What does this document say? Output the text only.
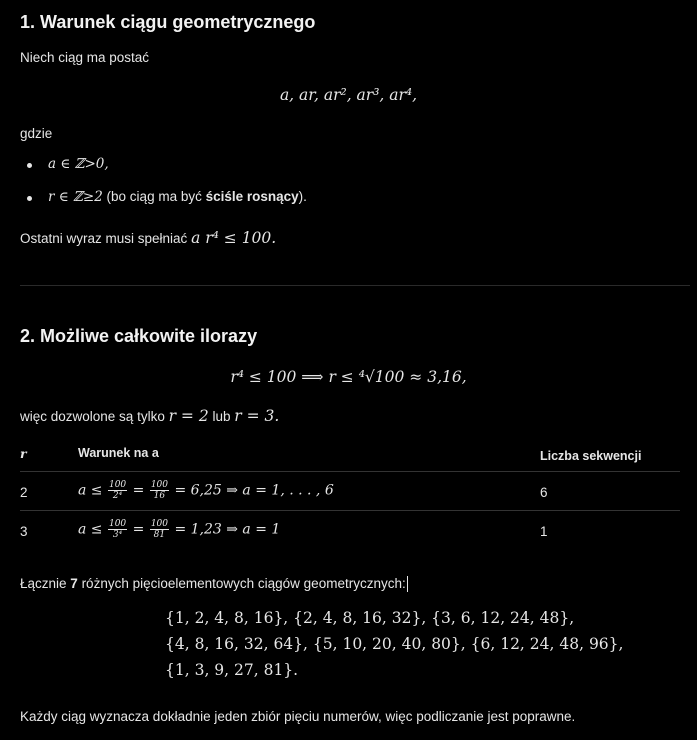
1. Warunek ciągu geometrycznego

Niech ciąg ma postać

a, ar, ar², ar³, ar⁴,

gdzie

a ∈ ℤ>0,

r ∈ ℤ≥2 (bo ciąg ma być ściśle rosnący).

Ostatni wyraz musi spełniać a r⁴ ≤ 100.

2. Możliwe całkowite ilorazy
r⁴ ≤ 100 ⟹ r ≤ ⁴√100 ≈ 3,16,

więc dozwolone są tylko r = 2 lub r = 3.

r	Warunek na a	Liczba sekwencji
2	$a \le \frac{100}{\text{2⁴}} = \frac{100}{16} = 6,25$ ⇒ a = 1, . . . , 6	6
3	$a \le \frac{100}{\text{3⁴}} = \frac{100}{81} = 1,23$ ⇒ a = 1	1

Łącznie 7 różnych pięcioelementowych ciągów geometrycznych:

{1, 2, 4, 8, 16}, {2, 4, 8, 16, 32}, {3, 6, 12, 24, 48},
{4, 8, 16, 32, 64}, {5, 10, 20, 40, 80}, {6, 12, 24, 48, 96},
{1, 3, 9, 27, 81}.

Każdy ciąg wyznacza dokładnie jeden zbiór pięciu numerów, więc podliczanie jest poprawne.
